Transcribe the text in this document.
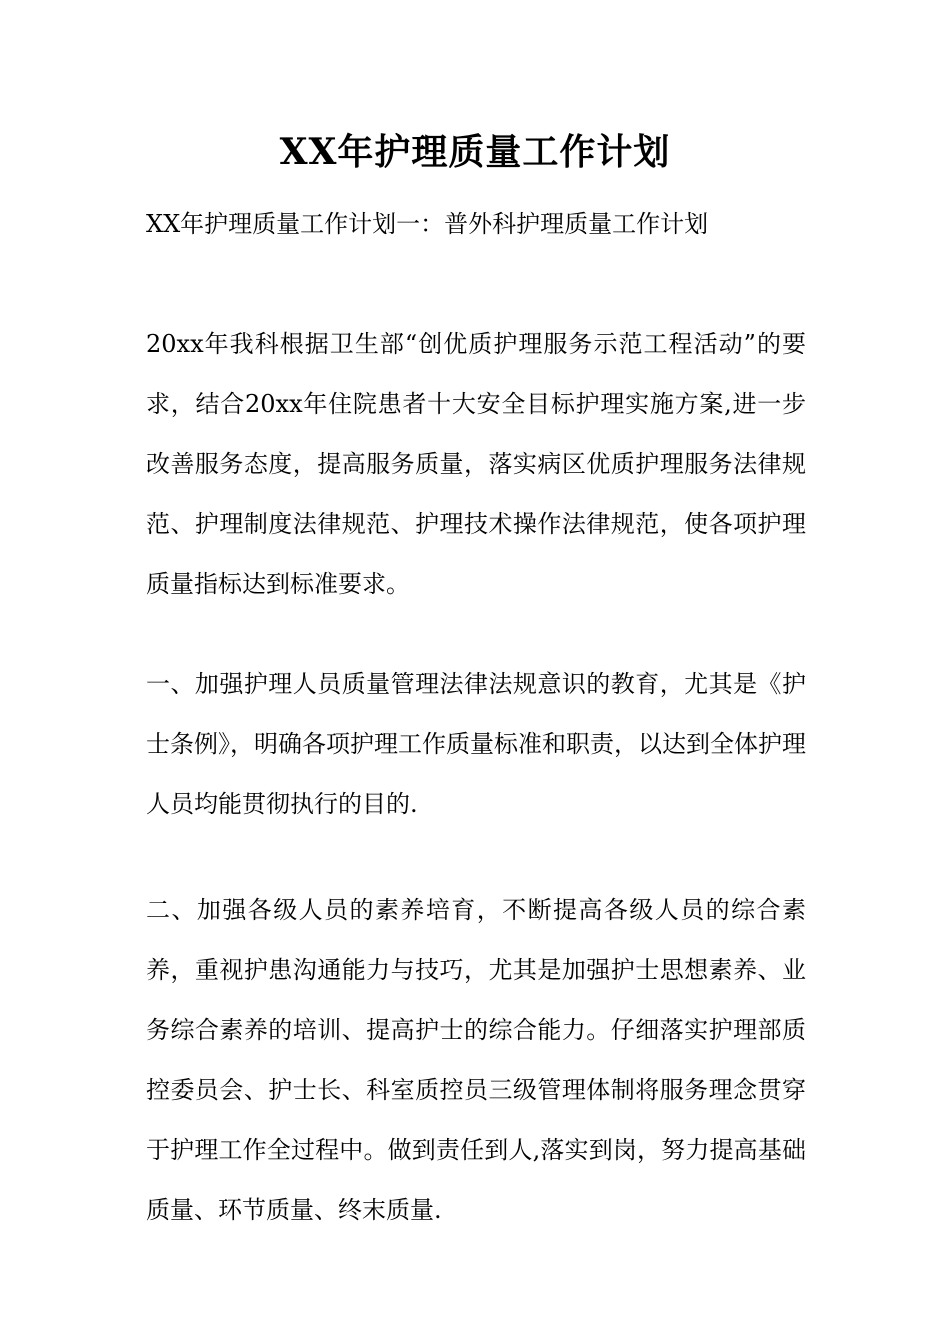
XX年护理质量工作计划
XX年护理质量工作计划一：普外科护理质量工作计划
20xx年我科根据卫生部“创优质护理服务示范工程活动”的要求，结合20xx年住院患者十大安全目标护理实施方案,进一步改善服务态度，提高服务质量，落实病区优质护理服务法律规范、护理制度法律规范、护理技术操作法律规范，使各项护理质量指标达到标准要求。
一、加强护理人员质量管理法律法规意识的教育，尤其是《护士条例》，明确各项护理工作质量标准和职责，以达到全体护理人员均能贯彻执行的目的.
二、加强各级人员的素养培育，不断提高各级人员的综合素养，重视护患沟通能力与技巧，尤其是加强护士思想素养、业务综合素养的培训、提高护士的综合能力。仔细落实护理部质控委员会、护士长、科室质控员三级管理体制将服务理念贯穿于护理工作全过程中。做到责任到人,落实到岗，努力提高基础质量、环节质量、终末质量.
